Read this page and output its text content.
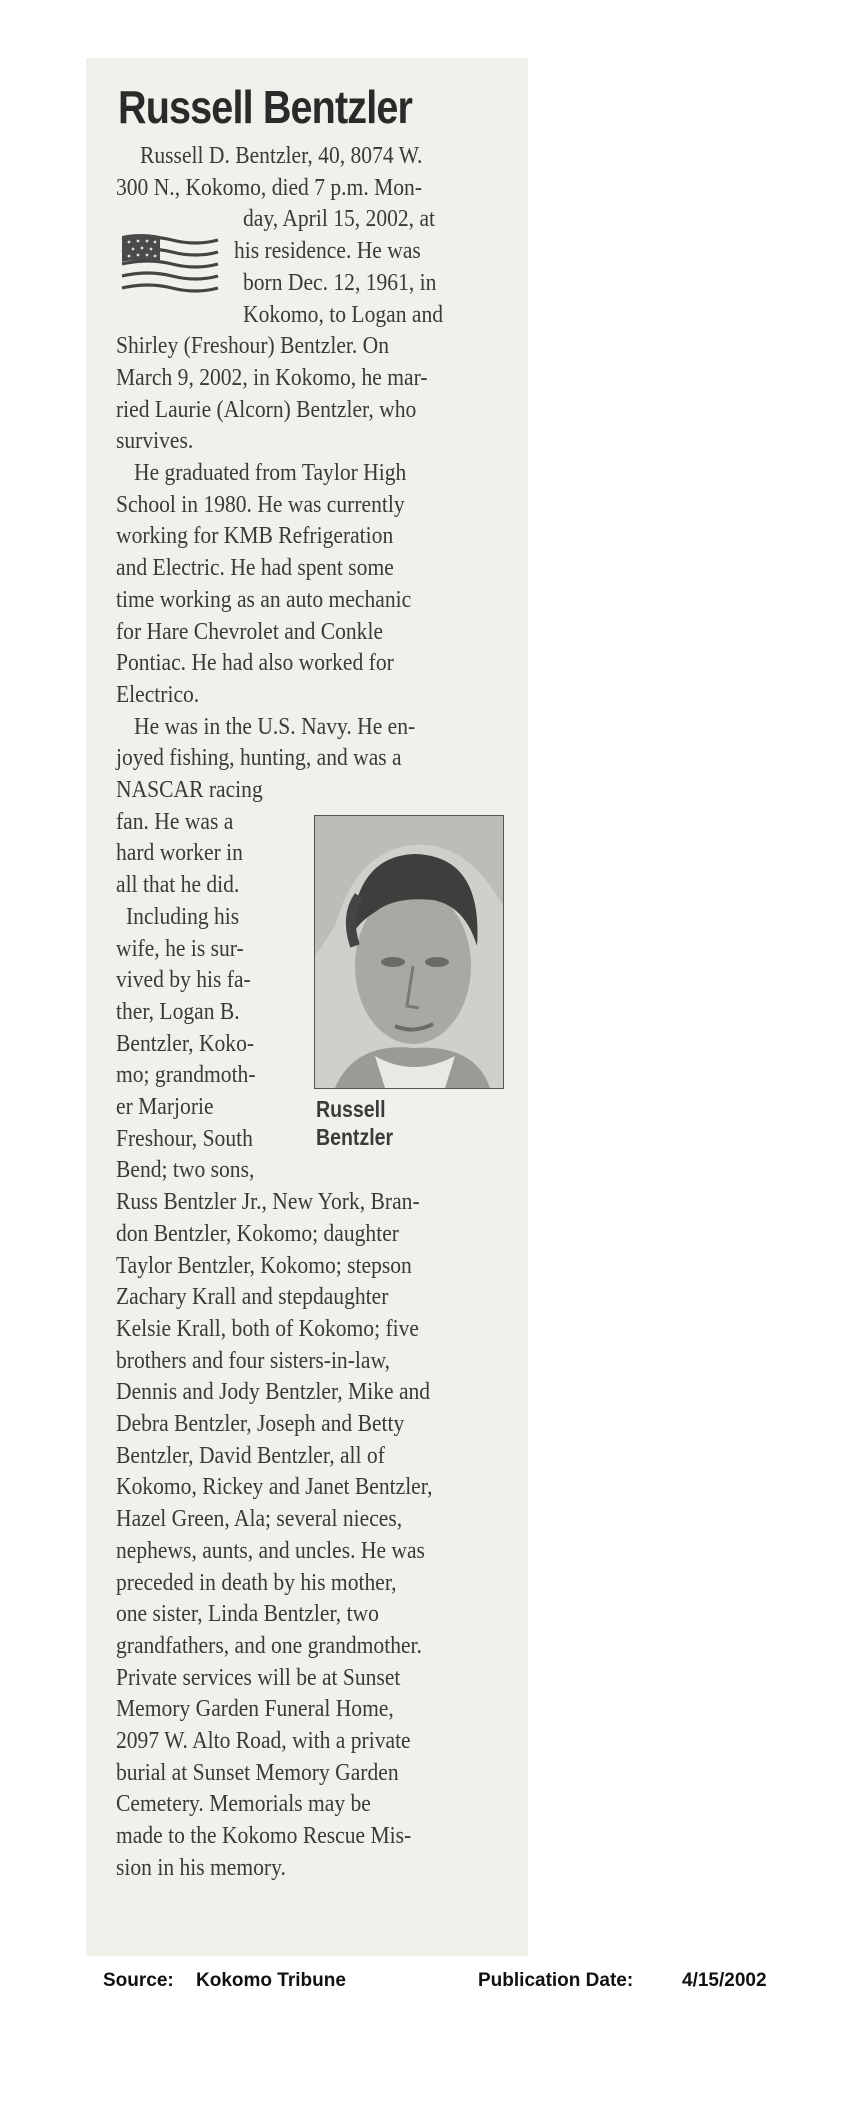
Russell Bentzler

Russell

Bentzler

Russell D. Bentzler, 40, 8074 W.

300 N., Kokomo, died 7 p.m. Mon-

day, April 15, 2002, at

his residence. He was

born Dec. 12, 1961, in

Kokomo, to Logan and

Shirley (Freshour) Bentzler. On

March 9, 2002, in Kokomo, he mar-

ried Laurie (Alcorn) Bentzler, who

survives.

He graduated from Taylor High

School in 1980. He was currently

working for KMB Refrigeration

and Electric. He had spent some

time working as an auto mechanic

for Hare Chevrolet and Conkle

Pontiac. He had also worked for

Electrico.

He was in the U.S. Navy. He en-

joyed fishing, hunting, and was a

NASCAR racing

fan. He was a

hard worker in

all that he did.

Including his

wife, he is sur-

vived by his fa-

ther, Logan B.

Bentzler, Koko-

mo; grandmoth-

er Marjorie

Freshour, South

Bend; two sons,

Russ Bentzler Jr., New York, Bran-

don Bentzler, Kokomo; daughter

Taylor Bentzler, Kokomo; stepson

Zachary Krall and stepdaughter

Kelsie Krall, both of Kokomo; five

brothers and four sisters-in-law,

Dennis and Jody Bentzler, Mike and

Debra Bentzler, Joseph and Betty

Bentzler, David Bentzler, all of

Kokomo, Rickey and Janet Bentzler,

Hazel Green, Ala; several nieces,

nephews, aunts, and uncles. He was

preceded in death by his mother,

one sister, Linda Bentzler, two

grandfathers, and one grandmother.

Private services will be at Sunset

Memory Garden Funeral Home,

2097 W. Alto Road, with a private

burial at Sunset Memory Garden

Cemetery. Memorials may be

made to the Kokomo Rescue Mis-

sion in his memory.

Source: Kokomo Tribune	Publication Date:	4/15/2002
